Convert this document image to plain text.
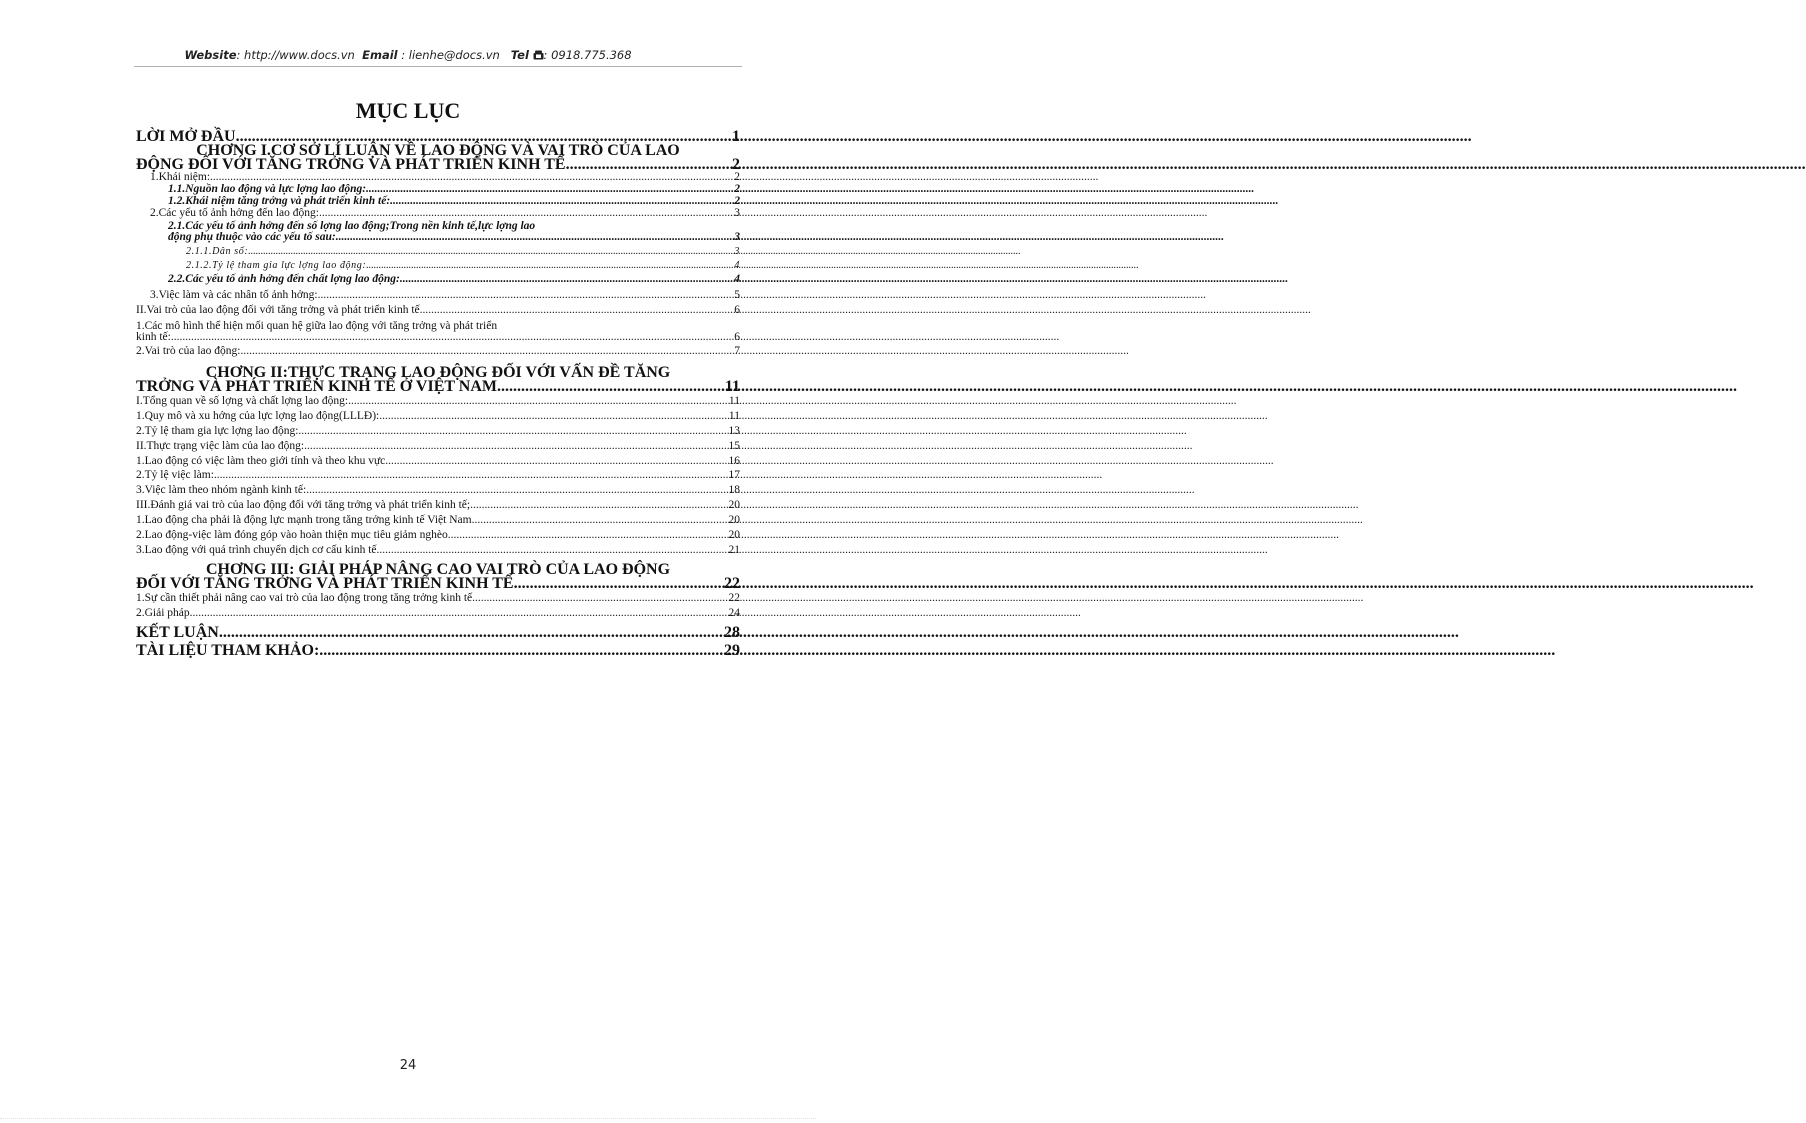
Website: http://www.docs.vn Email : lienhe@docs.vn Tel : 0918.775.368
MỤC LỤC
LỜI MỞ ĐẦU .....	1
CHƠNG I.CƠ SỞ LÍ LUẬN VỀ LAO ĐỘNG VÀ VAI TRÒ CỦA LAO
ĐỘNG ĐỐI VỚI TĂNG TRỞNG VÀ PHÁT TRIỂN KINH TẾ. .....	2
1.Khái niệm: .....	2
1.1.Nguồn lao động và lực lợng lao động: .....	2
1.2.Khái niệm tăng trởng và phát triển kinh tế: .....	2
2.Các yếu tố ảnh hởng đến lao động: .....	3
2.1.Các yếu tố ảnh hởng đến số lợng lao động;Trong nền kinh tế,lực lợng lao
động phụ thuộc vào các yếu tố sau: .....	3
2.1.1.Dân số: .....	3
2.1.2.Tỷ lệ tham gia lực lợng lao động: .....	4
2.2.Các yếu tố ảnh hởng đến chất lợng lao động: .....	4
3.Việc làm và các nhân tố ảnh hởng: .....	5
II.Vai trò của lao động đối với tăng trởng và phát triển kinh tế. .....	6
1.Các mô hình thể hiện mối quan hệ giữa lao động với tăng trởng và phát triển
kinh tế: .....	6
2.Vai trò của lao động: .....	7
CHƠNG II:THỰC TRẠNG LAO ĐỘNG ĐỐI VỚI VẤN ĐỀ TĂNG
TRỞNG VÀ PHÁT TRIỂN KINH TẾ Ở VIỆT NAM. .....	11
I.Tổng quan về số lợng và chất lợng lao động: .....	11
1.Quy mô và xu hớng của lực lợng lao động(LLLĐ): .....	11
2.Tỷ lệ tham gia lực lợng lao động: .....	13
II.Thực trạng việc làm của lao động: .....	15
1.Lao động có việc làm theo giới tính và theo khu vực .....	16
2.Tỷ lệ việc làm: .....	17
3.Việc làm theo nhóm ngành kinh tế: .....	18
III.Đánh giá vai trò của lao động đối với tăng trởng và phát triển kinh tế; .....	20
1.Lao động cha phải là động lực mạnh trong tăng trởng kinh tế Việt Nam. .....	20
2.Lao động-việc làm đóng góp vào hoàn thiện mục tiêu giảm nghèo. .....	20
3.Lao động với quá trình chuyển dịch cơ cấu kinh tế. .....	21
CHƠNG III: GIẢI PHÁP NÂNG CAO VAI TRÒ CỦA LAO ĐỘNG
ĐỐI VỚI TĂNG TRỞNG VÀ PHÁT TRIỂN KINH TẾ. .....	22
1.Sự cần thiết phải nâng cao vai trò của lao động trong tăng trởng kinh tế. .....	22
2.Giải pháp. .....	24
KẾT LUẬN. .....	28
TÀI LIỆU THAM KHẢO: .....	29
24
